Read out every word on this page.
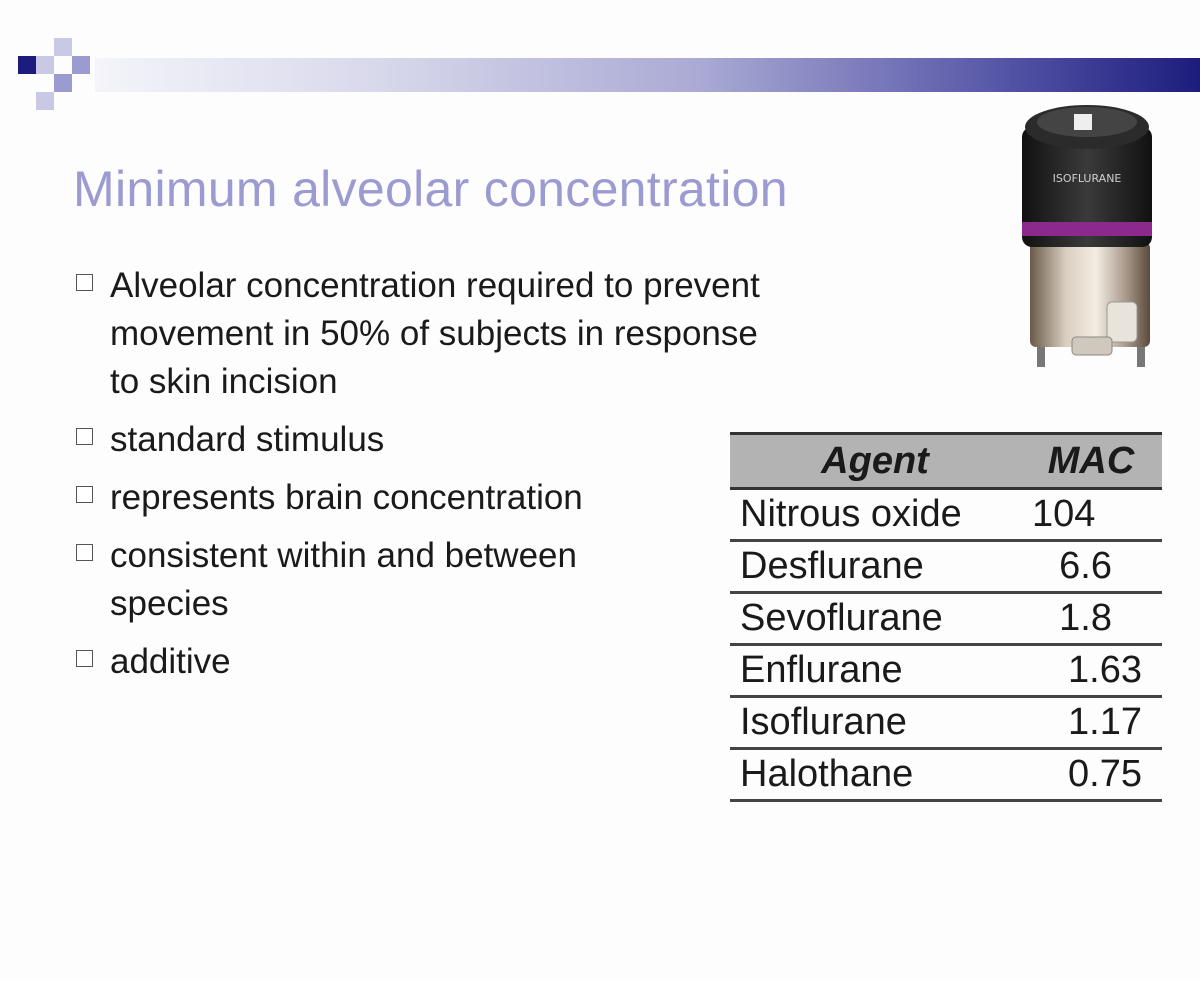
Minimum alveolar concentration
Alveolar concentration required to prevent movement in 50% of subjects in response to skin incision
standard stimulus
represents brain concentration
consistent within and between species
additive
ISOFLURANE
Agent	MAC
Nitrous oxide	104
Desflurane	6.6
Sevoflurane	1.8
Enflurane	1.63
Isoflurane	1.17
Halothane	0.75
